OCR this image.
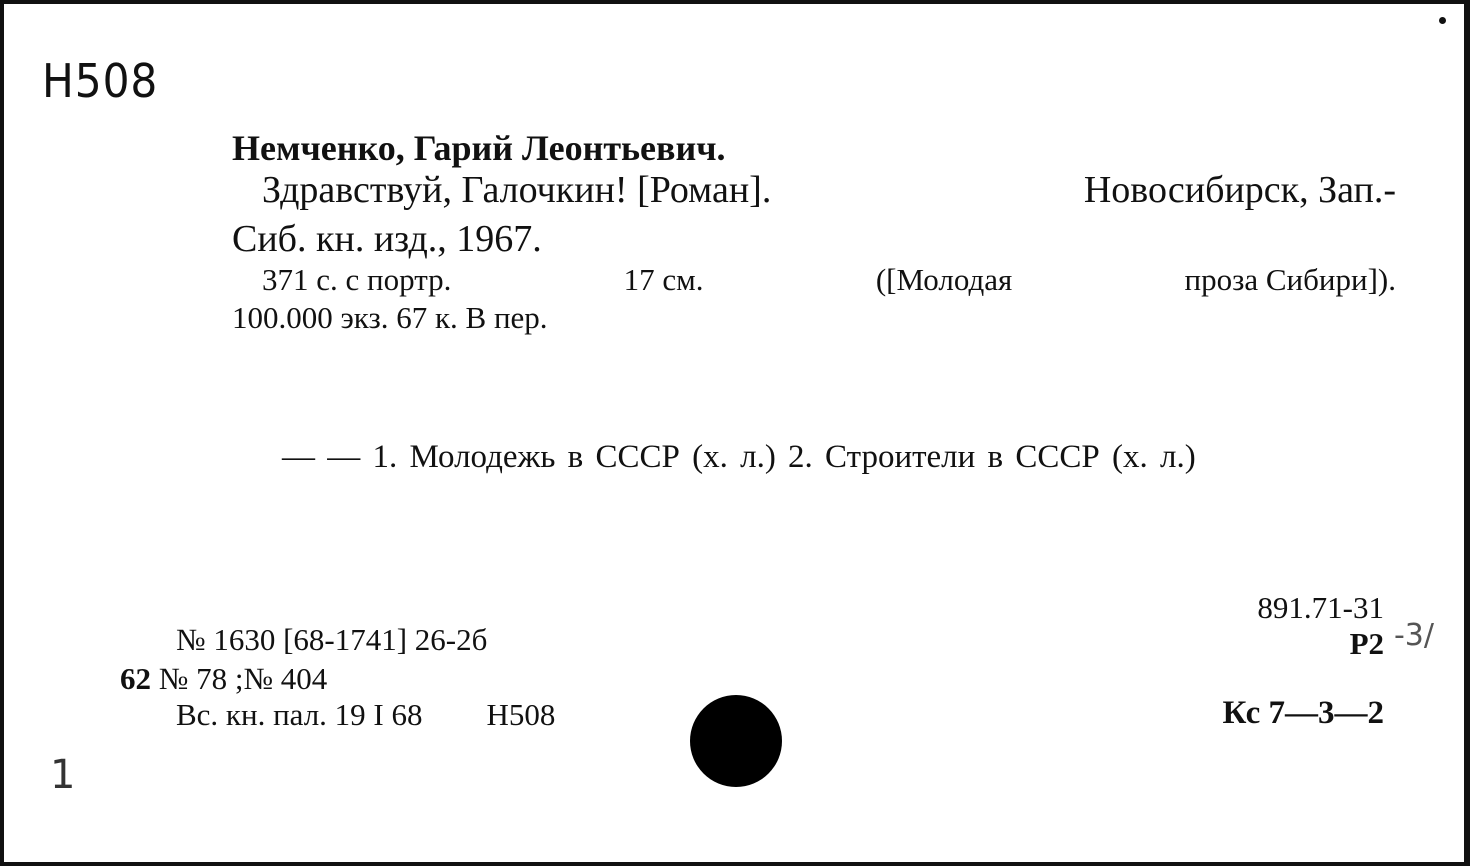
Н508
Немченко, Гарий Леонтьевич.
Здравствуй, Галочкин! [Роман].	Новосибирск, Зап.-
Сиб. кн. изд., 1967.
371 с. с портр.	17 см.	([Молодая	проза Сибири]).
100.000 экз. 67 к. В пер.
— — 1. Молодежь в СССР (х. л.) 2. Строители в СССР (х. л.)
891.71-31
Р2 -3/
№ 1630 [68-1741] 26-2б
62 № 78 ;№ 404
Вс. кн. пал. 19 I 68 Н508	Кс 7—3—2
1
